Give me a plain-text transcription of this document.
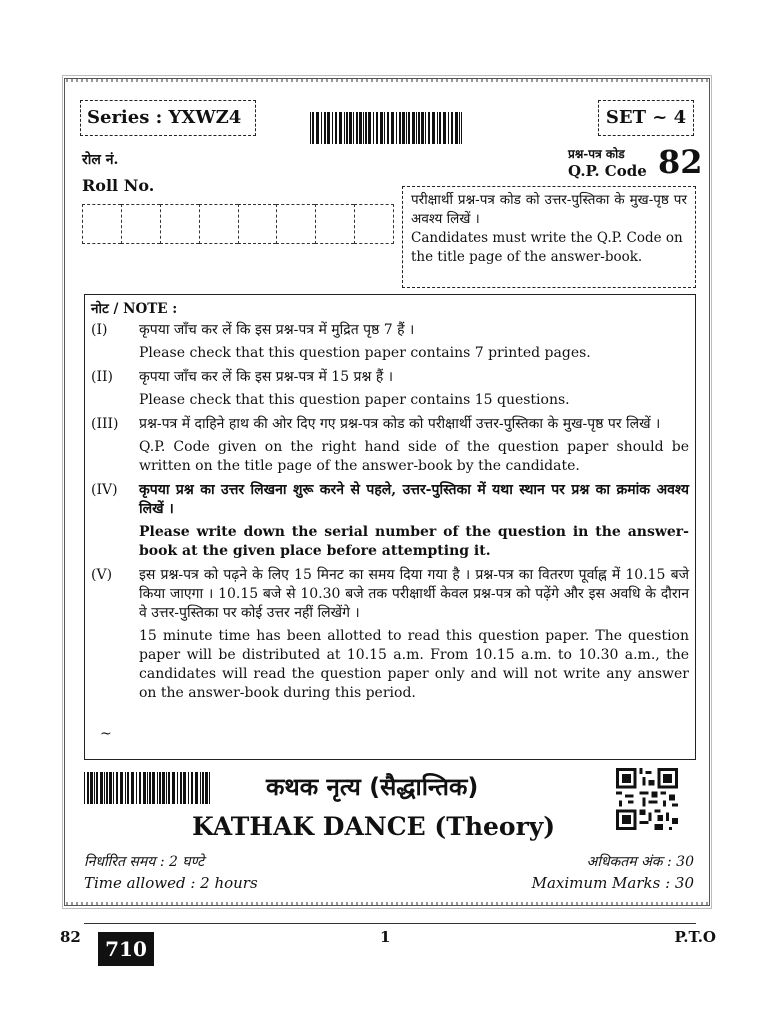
Series : YXWZ4	SET ~ 4
रोल नं.
Roll No.
प्रश्न-पत्र कोड
Q.P. Code 82
परीक्षार्थी प्रश्न-पत्र कोड को उत्तर-पुस्तिका के मुख-पृष्ठ पर अवश्य लिखें ।
Candidates must write the Q.P. Code on the title page of the answer-book.
नोट / NOTE :
(I)	कृपया जाँच कर लें कि इस प्रश्न-पत्र में मुद्रित पृष्ठ 7 हैं ।
Please check that this question paper contains 7 printed pages.
(II)	कृपया जाँच कर लें कि इस प्रश्न-पत्र में 15 प्रश्न हैं ।
Please check that this question paper contains 15 questions.
(III)	प्रश्न-पत्र में दाहिने हाथ की ओर दिए गए प्रश्न-पत्र कोड को परीक्षार्थी उत्तर-पुस्तिका के मुख-पृष्ठ पर लिखें ।
Q.P. Code given on the right hand side of the question paper should be written on the title page of the answer-book by the candidate.
(IV)	कृपया प्रश्न का उत्तर लिखना शुरू करने से पहले, उत्तर-पुस्तिका में यथा स्थान पर प्रश्न का क्रमांक अवश्य लिखें ।
Please write down the serial number of the question in the answer-book at the given place before attempting it.
(V)	इस प्रश्न-पत्र को पढ़ने के लिए 15 मिनट का समय दिया गया है । प्रश्न-पत्र का वितरण पूर्वाह्न में 10.15 बजे किया जाएगा । 10.15 बजे से 10.30 बजे तक परीक्षार्थी केवल प्रश्न-पत्र को पढ़ेंगे और इस अवधि के दौरान वे उत्तर-पुस्तिका पर कोई उत्तर नहीं लिखेंगे ।
15 minute time has been allotted to read this question paper. The question paper will be distributed at 10.15 a.m. From 10.15 a.m. to 10.30 a.m., the candidates will read the question paper only and will not write any answer on the answer-book during this period.
~
कथक नृत्य (सैद्धान्तिक)
KATHAK DANCE (Theory)
निर्धारित समय : 2 घण्टे
Time allowed : 2 hours
अधिकतम अंक : 30
Maximum Marks : 30
82	710	1	P.T.O
